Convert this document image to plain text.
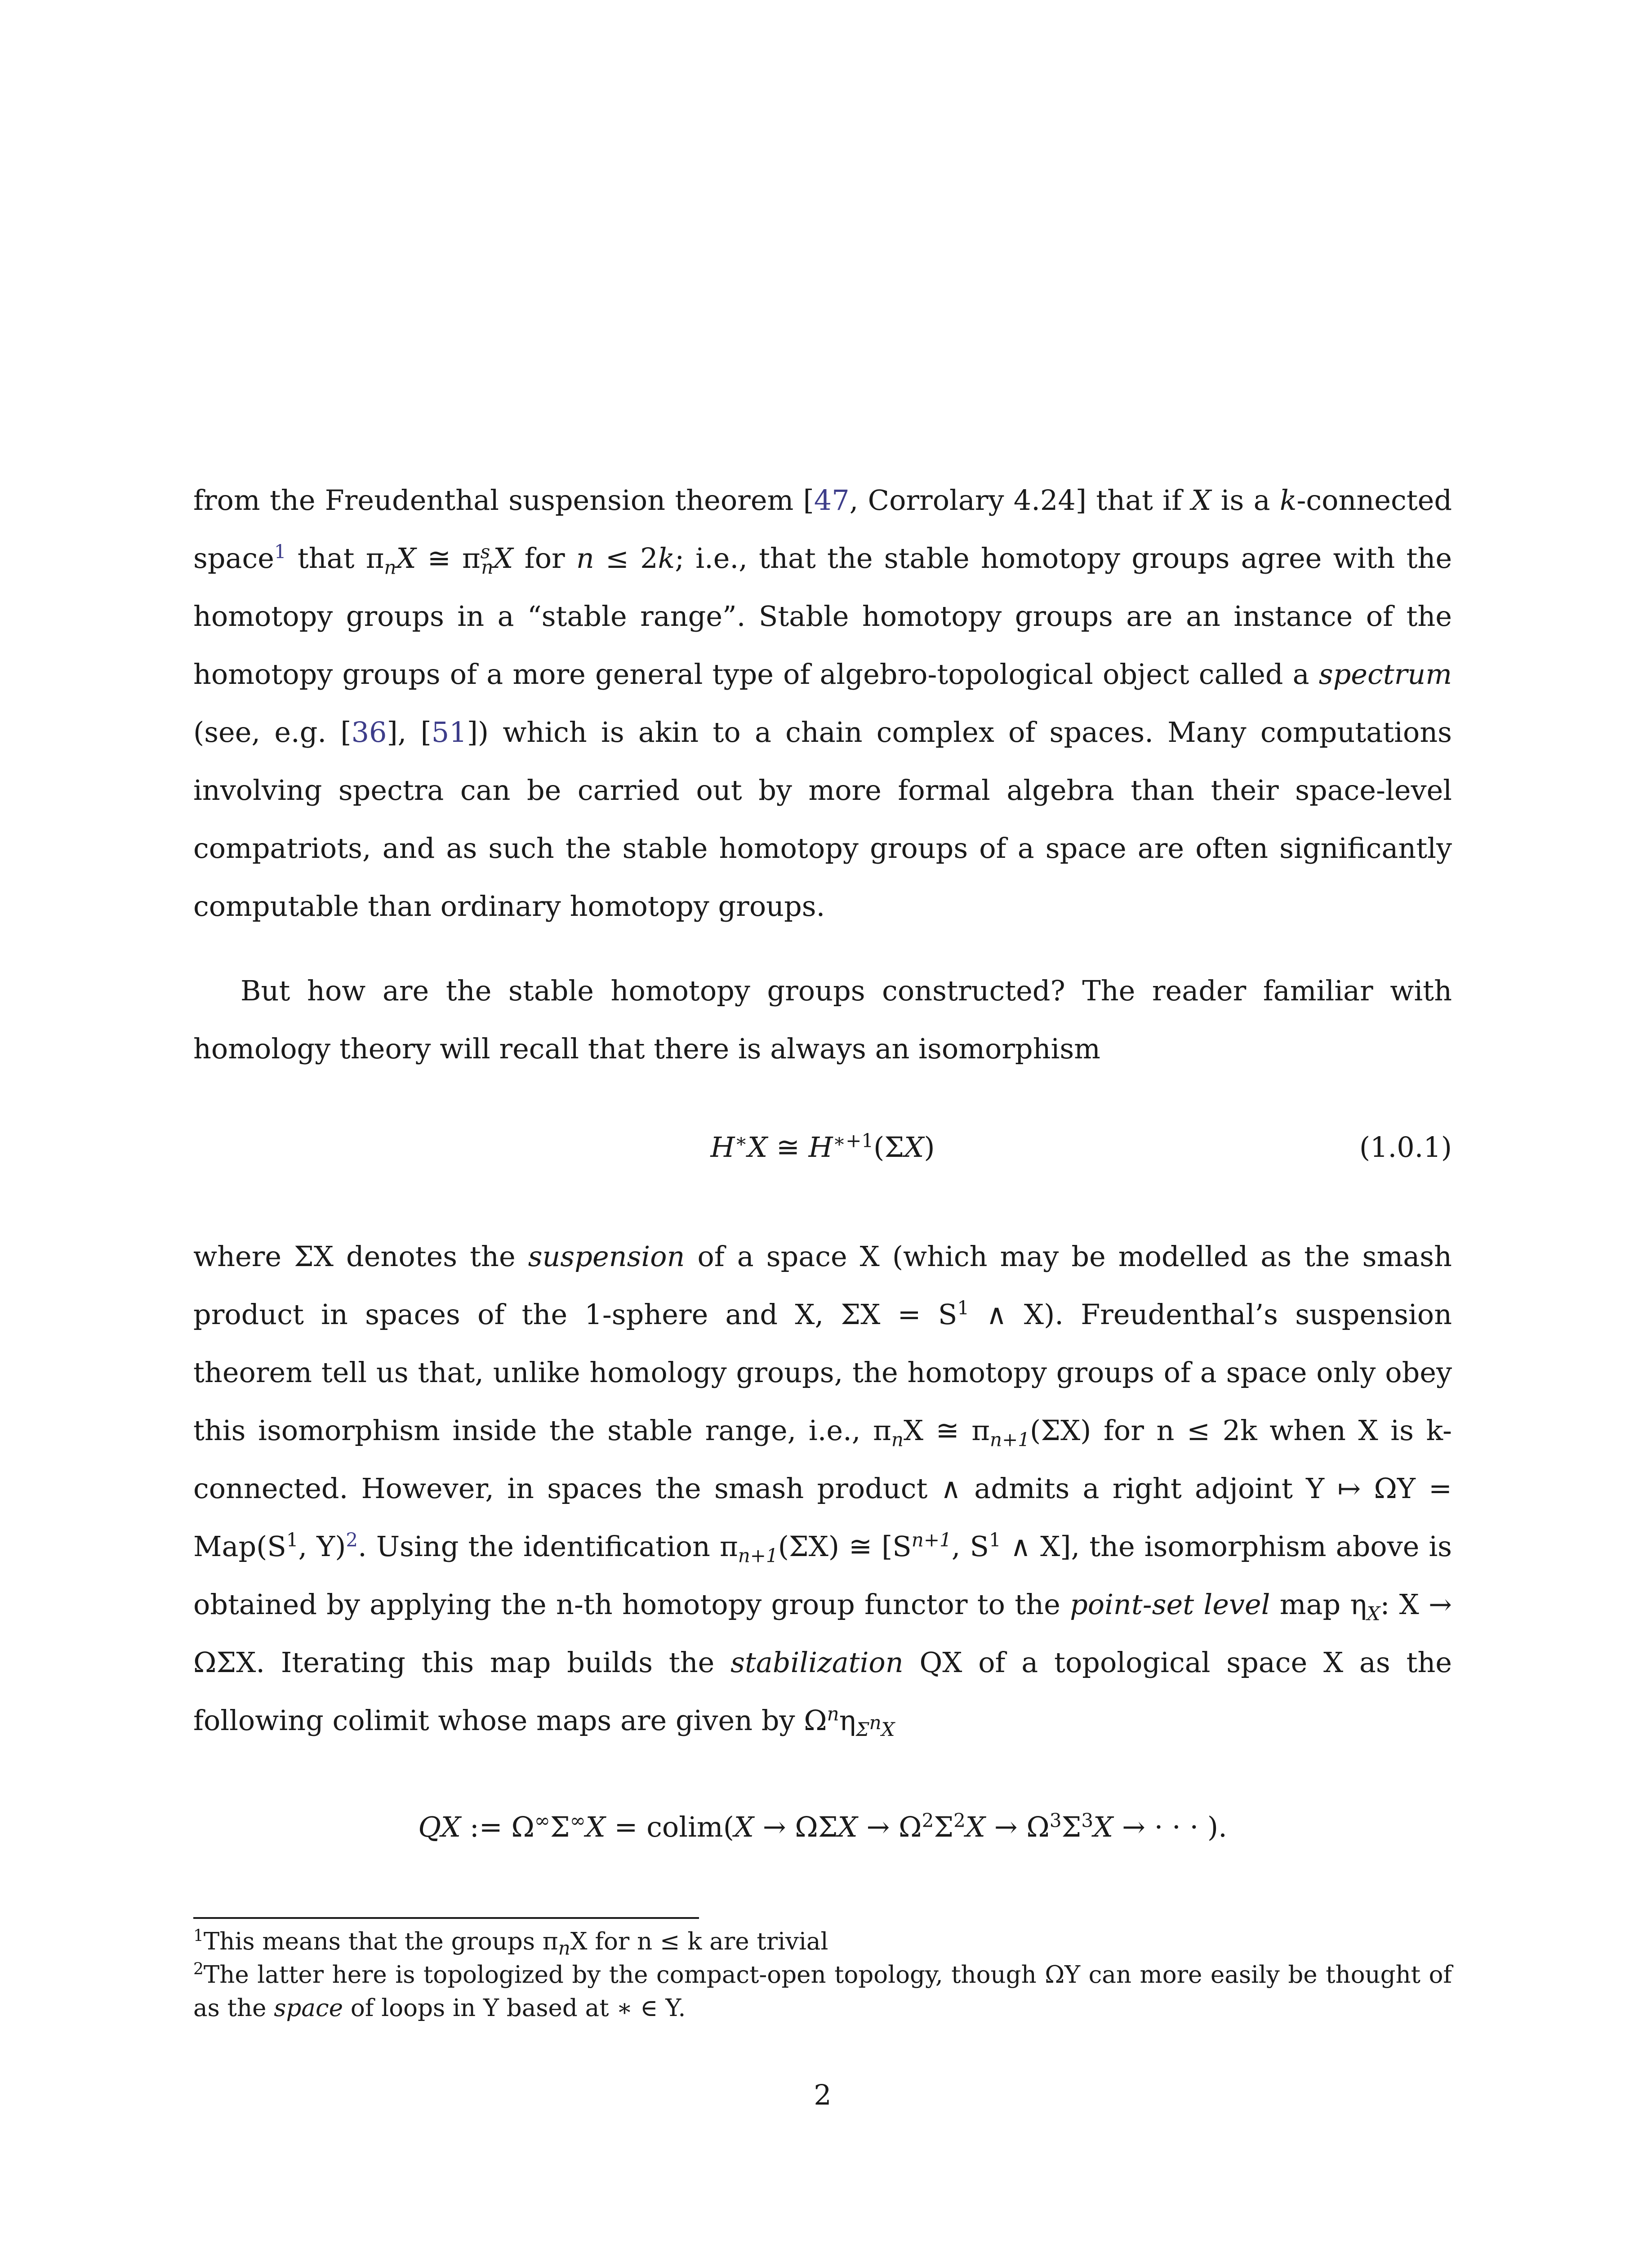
from the Freudenthal suspension theorem [47, Corrolary 4.24] that if X is a k-connected space$^1$ that $\pi_nX$ ≅ $\pi^s_nX$ for n ≤ 2k; i.e., that the stable homotopy groups agree with the homotopy groups in a “stable range”. Stable homotopy groups are an instance of the homotopy groups of a more general type of algebro-topological object called a spectrum (see, e.g. [36], [51]) which is akin to a chain complex of spaces. Many computations involving spectra can be carried out by more formal algebra than their space-level compatriots, and as such the stable homotopy groups of a space are often significantly computable than ordinary homotopy groups.

But how are the stable homotopy groups constructed? The reader familiar with homology theory will recall that there is always an isomorphism

H∗X ≅ $H^{∗+1}(\Sigma X)$	(1.0.1)

where ΣX denotes the suspension of a space X (which may be modelled as the smash product in spaces of the 1-sphere and X, $\Sigma X = S^1$ ∧ X). Freudenthal’s suspension theorem tell us that, unlike homology groups, the homotopy groups of a space only obey this isomorphism inside the stable range, i.e., $\pi_nX$ ≅ $\pi_{n+1}(\Sigma X)$ for n ≤ 2k when X is k-connected. However, in spaces the smash product ∧ admits a right adjoint Y ↦ $\Omega Y = Map(S^1$, Y)$^2$. Using the identification $\pi_{n+1}(\Sigma X)$ ≅ [$S^{n+1}$, $S^1$ ∧ X], the isomorphism above is obtained by applying the n-th homotopy group functor to the point-set level map $\eta_X$: X → ΩΣX. Iterating this map builds the stabilization QX of a topological space X as the following colimit whose maps are given by $\Omega^n\eta_{\Sigma^nX}$

QX := $\Omega^\infty\Sigma^\infty X = colim(X \to \Omega\Sigma X \to \Omega^2\Sigma^2X \to \Omega^3\Sigma^3X$ → · · · ).

$^1$This means that the groups $\pi_nX$ for n ≤ k are trivial

$^2$The latter here is topologized by the compact-open topology, though ΩY can more easily be thought of as the space of loops in Y based at ∗ ∈ Y.

2
